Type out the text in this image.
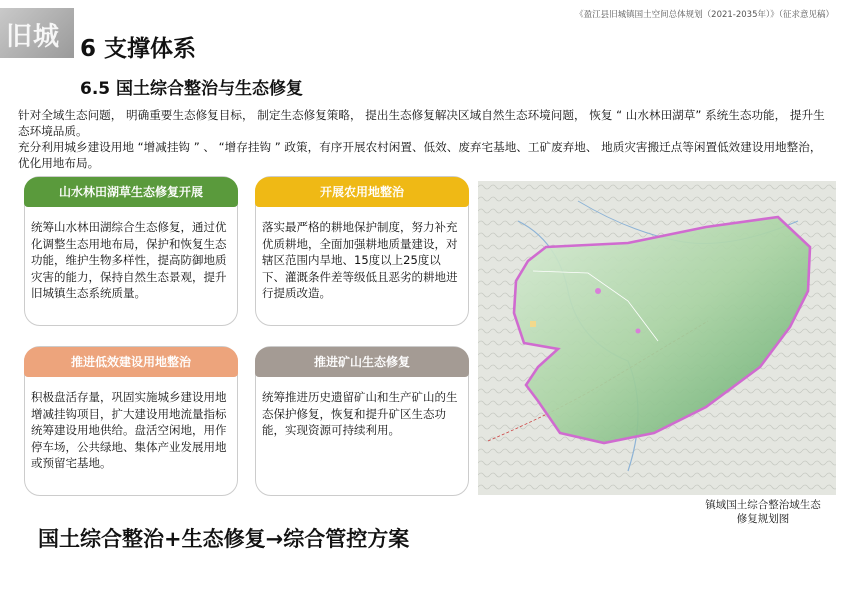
旧城
《盈江县旧城镇国土空间总体规划（2021-2035年）》（征求意见稿）
6 支撑体系
6.5 国土综合整治与生态修复
针对全域生态问题， 明确重要生态修复目标， 制定生态修复策略， 提出生态修复解决区域自然生态环境问题， 恢复 “ 山水林田湖草” 系统生态功能， 提升生态环境品质。
充分利用城乡建设用地 “增减挂钩 ” 、 “增存挂钩 ” 政策，有序开展农村闲置、低效、废弃宅基地、工矿废弃地、 地质灾害搬迁点等闲置低效建设用地整治， 优化用地布局。
山水林田湖草生态修复开展
统筹山水林田湖综合生态修复，通过优化调整生态用地布局，保护和恢复生态功能，维护生物多样性，提高防御地质灾害的能力，保持自然生态景观，提升旧城镇生态系统质量。
开展农用地整治
落实最严格的耕地保护制度，努力补充优质耕地，全面加强耕地质量建设，对辖区范围内旱地、15度以上25度以下、灌溉条件差等级低且恶劣的耕地进行提质改造。
推进低效建设用地整治
积极盘活存量，巩固实施城乡建设用地增减挂钩项目，扩大建设用地流量指标统筹建设用地供给。盘活空闲地，用作停车场，公共绿地、集体产业发展用地或预留宅基地。
推进矿山生态修复
统筹推进历史遗留矿山和生产矿山的生态保护修复，恢复和提升矿区生态功能，实现资源可持续利用。
镇域国土综合整治域生态
修复规划图
国土综合整治+生态修复→综合管控方案
